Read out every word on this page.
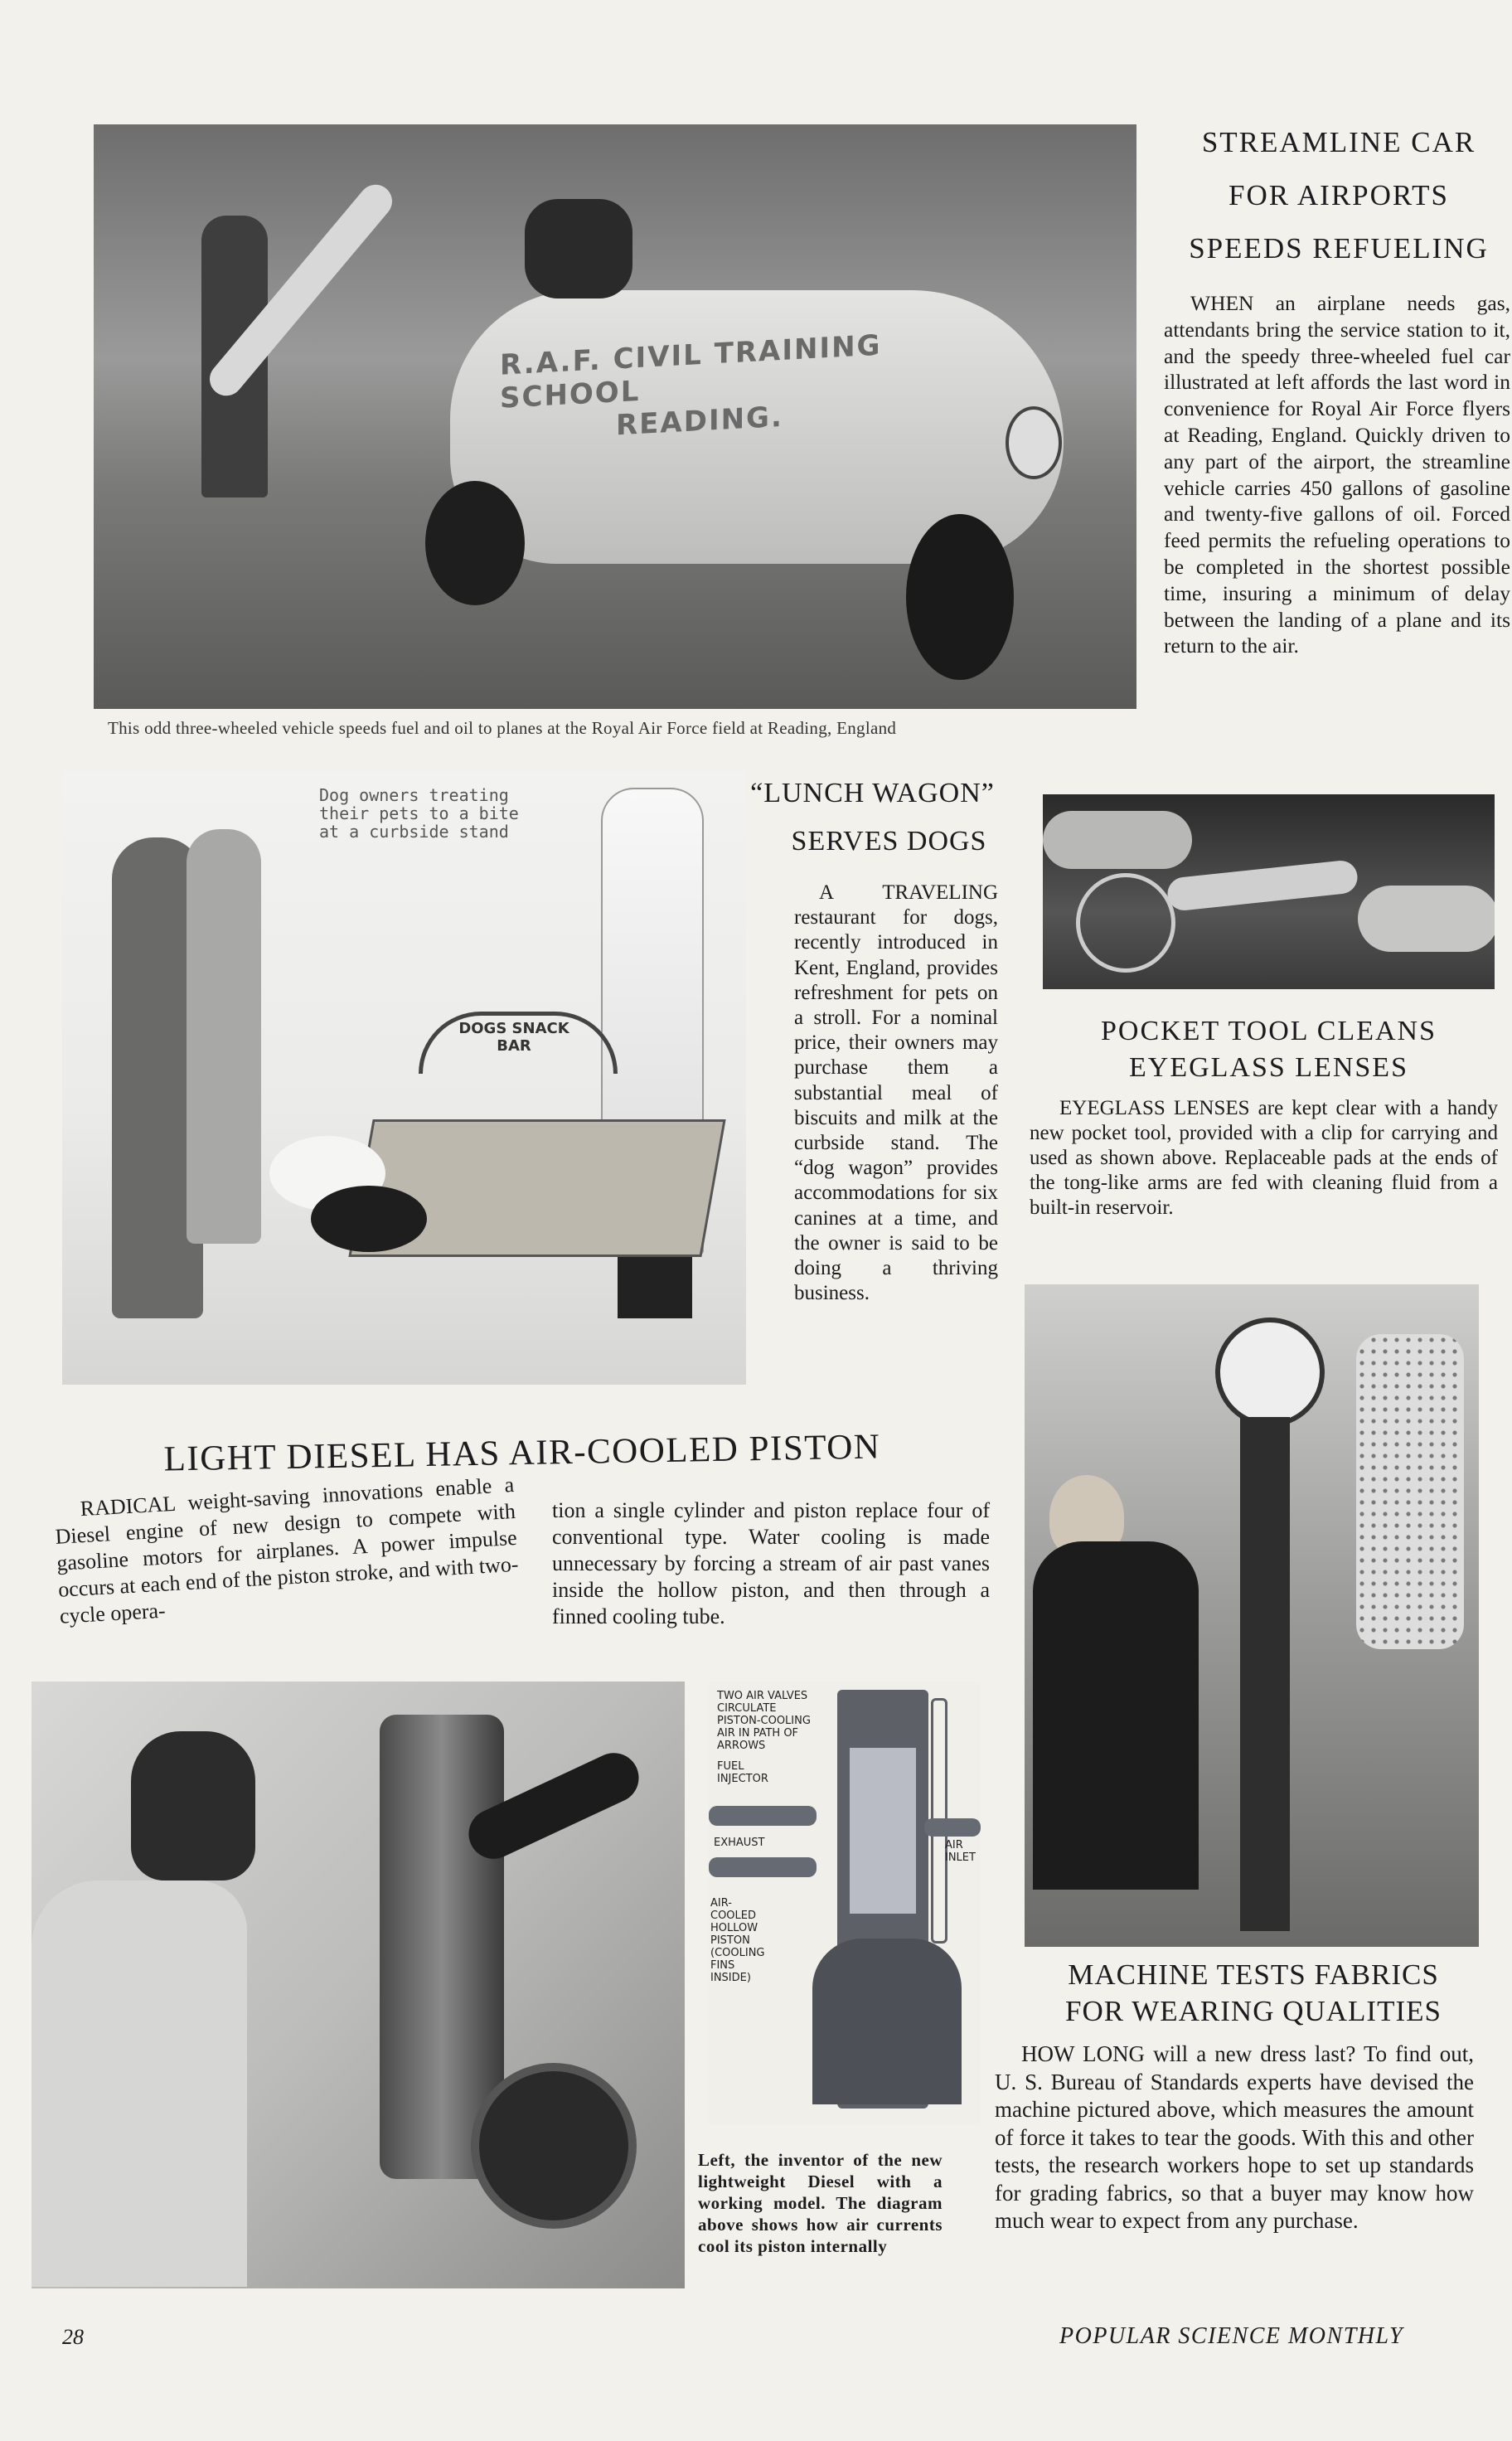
R.A.F. CIVIL TRAINING SCHOOL
READING.
This odd three-wheeled vehicle speeds fuel and oil to planes at the Royal Air Force field at Reading, England
STREAMLINE CAR
FOR AIRPORTS
SPEEDS REFUELING
WHEN an airplane needs gas, attendants bring the service station to it, and the speedy three-wheeled fuel car illustrated at left affords the last word in convenience for Royal Air Force flyers at Reading, England. Quickly driven to any part of the airport, the streamline vehicle carries 450 gallons of gasoline and twenty-five gallons of oil. Forced feed permits the refueling operations to be completed in the shortest possible time, insuring a minimum of delay between the landing of a plane and its return to the air.
DOGS SNACK BAR
Dog owners treating their pets to a bite at a curbside stand
“LUNCH WAGON”
SERVES DOGS
A TRAVELING restaurant for dogs, recently introduced in Kent, England, provides refreshment for pets on a stroll. For a nominal price, their owners may purchase them a substantial meal of biscuits and milk at the curbside stand. The “dog wagon” provides accommodations for six canines at a time, and the owner is said to be doing a thriving business.
POCKET TOOL CLEANS
EYEGLASS LENSES
EYEGLASS LENSES are kept clear with a handy new pocket tool, provided with a clip for carrying and used as shown above. Replaceable pads at the ends of the tong-like arms are fed with cleaning fluid from a built-in reservoir.
LIGHT DIESEL HAS AIR-COOLED PISTON
RADICAL weight-saving innovations enable a Diesel engine of new design to compete with gasoline motors for airplanes. A power impulse occurs at each end of the piston stroke, and with two-cycle opera-
tion a single cylinder and piston replace four of conventional type. Water cooling is made unnecessary by forcing a stream of air past vanes inside the hollow piston, and then through a finned cooling tube.
TWO AIR VALVES CIRCULATE PISTON-COOLING AIR IN PATH OF ARROWS
FUEL INJECTOR
EXHAUST	AIR INLET
AIR-COOLED HOLLOW PISTON (COOLING FINS INSIDE)
Left, the inventor of the new lightweight Diesel with a working model. The diagram above shows how air currents cool its piston internally
MACHINE TESTS FABRICS
FOR WEARING QUALITIES
HOW LONG will a new dress last? To find out, U. S. Bureau of Standards experts have devised the machine pictured above, which measures the amount of force it takes to tear the goods. With this and other tests, the research workers hope to set up standards for grading fabrics, so that a buyer may know how much wear to expect from any purchase.
28	POPULAR SCIENCE MONTHLY
